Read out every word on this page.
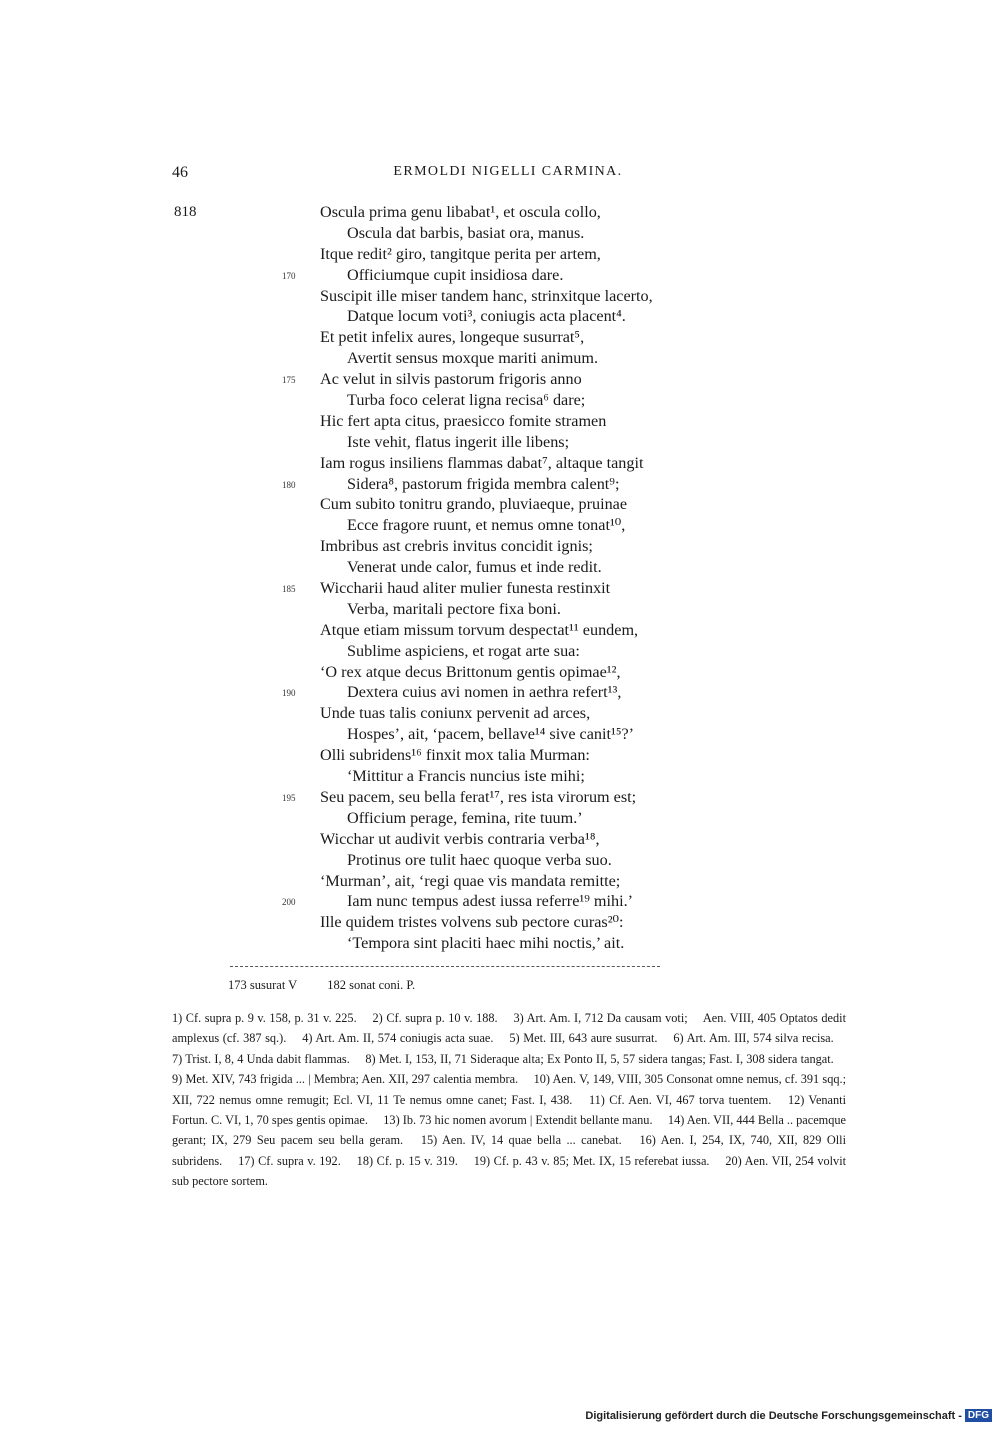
46	ERMOLDI NIGELLI CARMINA.
818	Oscula prima genu libabat¹, et oscula collo,
Oscula dat barbis, basiat ora, manus.
Itque redit² giro, tangitque perita per artem,
170	Officiumque cupit insidiosa dare.
Suscipit ille miser tandem hanc, strinxitque lacerto,
Datque locum voti³, coniugis acta placent⁴.
Et petit infelix aures, longeque susurrat⁵,
Avertit sensus moxque mariti animum.
175 Ac velut in silvis pastorum frigoris anno
Turba foco celerat ligna recisa⁶ dare;
Hic fert apta citus, praesicco fomite stramen
Iste vehit, flatus ingerit ille libens;
Iam rogus insiliens flammas dabat⁷, altaque tangit
180	Sidera⁸, pastorum frigida membra calent⁹;
Cum subito tonitru grando, pluviaeque, pruinae
Ecce fragore ruunt, et nemus omne tonat¹⁰,
Imbribus ast crebris invitus concidit ignis;
Venerat unde calor, fumus et inde redit.
185 Wiccharii haud aliter mulier funesta restinxit
Verba, maritali pectore fixa boni.
Atque etiam missum torvum despectat¹¹ eundem,
Sublime aspiciens, et rogat arte sua:
‘O rex atque decus Brittonum gentis opimae¹²,
190	Dextera cuius avi nomen in aethra refert¹³,
Unde tuas talis coniunx pervenit ad arces,
Hospes’, ait, ‘pacem, bellave¹⁴ sive canit¹⁵?’
Olli subridens¹⁶ finxit mox talia Murman:
‘Mittitur a Francis nuncius iste mihi;
195 Seu pacem, seu bella ferat¹⁷, res ista virorum est;
Officium perage, femina, rite tuum.’
Wicchar ut audivit verbis contraria verba¹⁸,
Protinus ore tulit haec quoque verba suo.
‘Murman’, ait, ‘regi quae vis mandata remitte;
200	Iam nunc tempus adest iussa referre¹⁹ mihi.’
Ille quidem tristes volvens sub pectore curas²⁰:
‘Tempora sint placiti haec mihi noctis,’ ait.
173 susurat V 182 sonat coni. P.
1) Cf. supra p. 9 v. 158, p. 31 v. 225.  2) Cf. supra p. 10 v. 188.  3) Art. Am. I, 712 Da causam voti;  Aen. VIII, 405 Optatos dedit amplexus (cf. 387 sq.).  4) Art. Am. II, 574 coniugis acta suae.  5) Met. III, 643 aure susurrat.  6) Art. Am. III, 574 silva recisa.  7) Trist. I, 8, 4 Unda dabit flammas.  8) Met. I, 153, II, 71 Sideraque alta; Ex Ponto II, 5, 57 sidera tangas; Fast. I, 308 sidera tangat.  9) Met. XIV, 743 frigida ... | Membra; Aen. XII, 297 calentia membra.  10) Aen. V, 149, VIII, 305 Consonat omne nemus, cf. 391 sqq.; XII, 722 nemus omne remugit; Ecl. VI, 11 Te nemus omne canet; Fast. I, 438.  11) Cf. Aen. VI, 467 torva tuentem.  12) Venanti Fortun. C. VI, 1, 70 spes gentis opimae.  13) Ib. 73 hic nomen avorum | Extendit bellante manu.  14) Aen. VII, 444 Bella .. pacemque gerant; IX, 279 Seu pacem seu bella geram.  15) Aen. IV, 14 quae bella ... canebat.  16) Aen. I, 254, IX, 740, XII, 829 Olli subridens.  17) Cf. supra v. 192.  18) Cf. p. 15 v. 319.  19) Cf. p. 43 v. 85; Met. IX, 15 referebat iussa.  20) Aen. VII, 254 volvit sub pectore sortem. 
Digitalisierung gefördert durch die Deutsche Forschungsgemeinschaft - DFG
